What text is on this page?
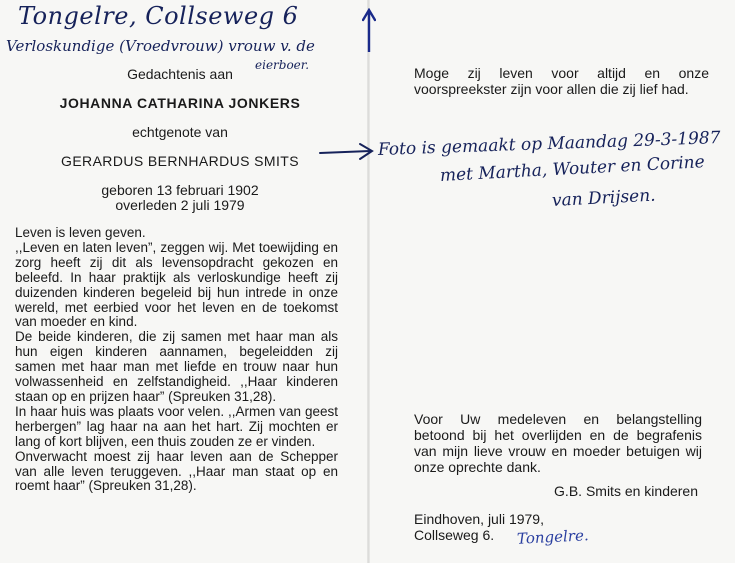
Tongelre, Collseweg 6
Verloskundige (Vroedvrouw) vrouw v. de
eierboer.
Gedachtenis aan
JOHANNA CATHARINA JONKERS
echtgenote van
GERARDUS BERNHARDUS SMITS
geboren 13 februari 1902
overleden 2 juli 1979

Leven is leven geven.

,,Leven en laten leven”, zeggen wij. Met toewijding en zorg heeft zij dit als levensopdracht gekozen en beleefd. In haar praktijk als verloskundige heeft zij duizenden kinderen begeleid bij hun intrede in onze wereld, met eerbied voor het leven en de toekomst van moeder en kind.

De beide kinderen, die zij samen met haar man als hun eigen kinderen aannamen, begeleidden zij samen met haar man met liefde en trouw naar hun volwassenheid en zelfstandigheid. ,,Haar kinderen staan op en prijzen haar” (Spreuken 31,28).

In haar huis was plaats voor velen. ,,Armen van geest herbergen” lag haar na aan het hart. Zij mochten er lang of kort blijven, een thuis zouden ze er vinden.

Onverwacht moest zij haar leven aan de Schepper van alle leven teruggeven. ,,Haar man staat op en roemt haar” (Spreuken 31,28).

Moge zij leven voor altijd en onze voorspreekster zijn voor allen die zij lief had.
Foto is gemaakt op Maandag 29-3-1987
met Martha, Wouter en Corine
van Drijsen.
Voor Uw medeleven en belangstelling betoond bij het overlijden en de begrafenis van mijn lieve vrouw en moeder betuigen wij onze oprechte dank.
G.B. Smits en kinderen
Eindhoven, juli 1979,
Collseweg 6. Tongelre.
